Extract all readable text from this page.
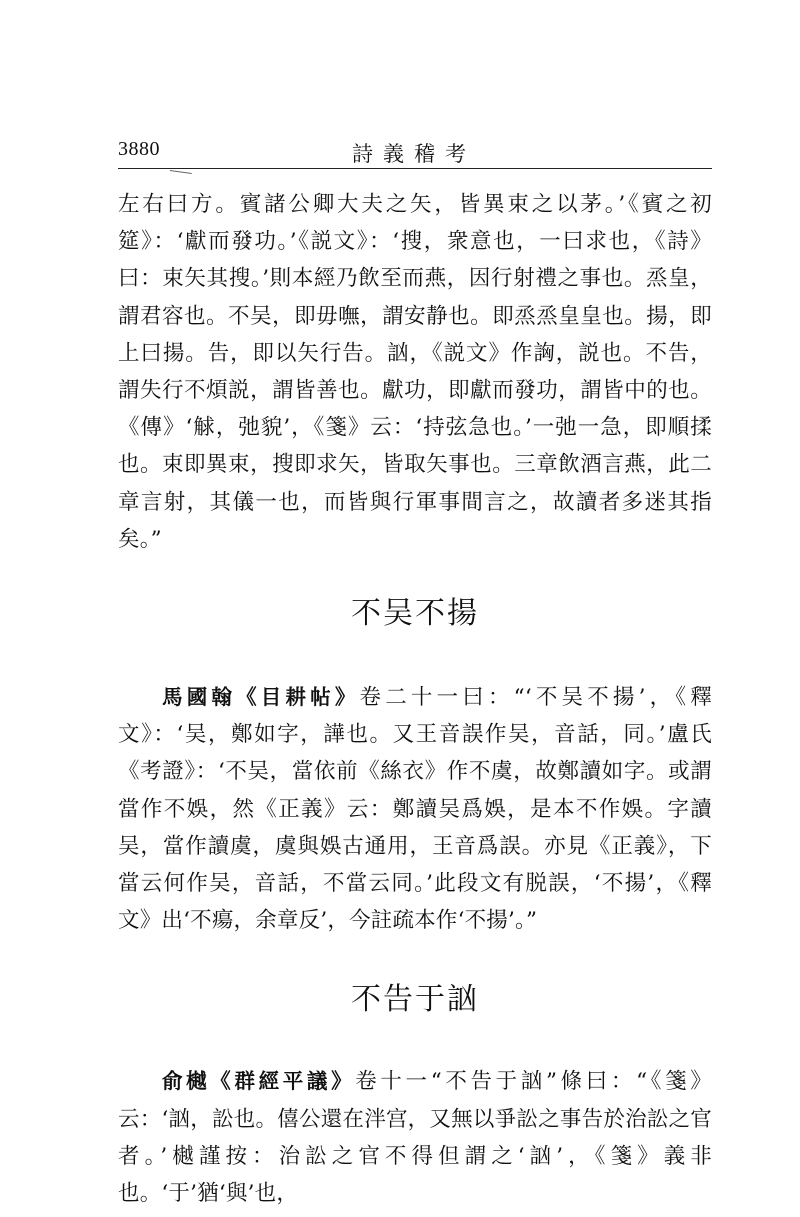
3880	詩義稽考

左右曰方。賓諸公卿大夫之矢，皆異束之以茅。’《賓之初筵》：‘獻而發功。’《説文》：‘搜，衆意也，一曰求也，《詩》曰：束矢其搜。’則本經乃飲至而燕，因行射禮之事也。烝皇，謂君容也。不吴，即毋嘸，謂安静也。即烝烝皇皇也。揚，即上曰揚。告，即以矢行告。訩，《説文》作詾，説也。不告，謂失行不煩説，謂皆善也。獻功，即獻而發功，謂皆中的也。《傳》‘觩，弛貌’，《箋》云：‘持弦急也。’一弛一急，即順揉也。束即異束，搜即求矢，皆取矢事也。三章飲酒言燕，此二章言射，其儀一也，而皆與行軍事間言之，故讀者多迷其指矣。”

不吴不揚

馬國翰《目耕帖》卷二十一曰：“‘不吴不揚’，《釋文》：‘吴，鄭如字，譁也。又王音誤作吴，音話，同。’盧氏《考證》：‘不吴，當依前《絲衣》作不虞，故鄭讀如字。或謂當作不娛，然《正義》云：鄭讀吴爲娛，是本不作娛。字讀吴，當作讀虞，虞與娛古通用，王音爲誤。亦見《正義》，下當云何作吴，音話，不當云同。’此段文有脱誤，‘不揚’，《釋文》出‘不瘍，余章反’，今註疏本作‘不揚’。”

不告于訩

俞樾《群經平議》卷十一“不告于訩”條曰：“《箋》云：‘訩，訟也。僖公還在泮宫，又無以爭訟之事告於治訟之官者。’樾謹按：治訟之官不得但謂之‘訩’，《箋》義非也。‘于’猶‘與’也，
